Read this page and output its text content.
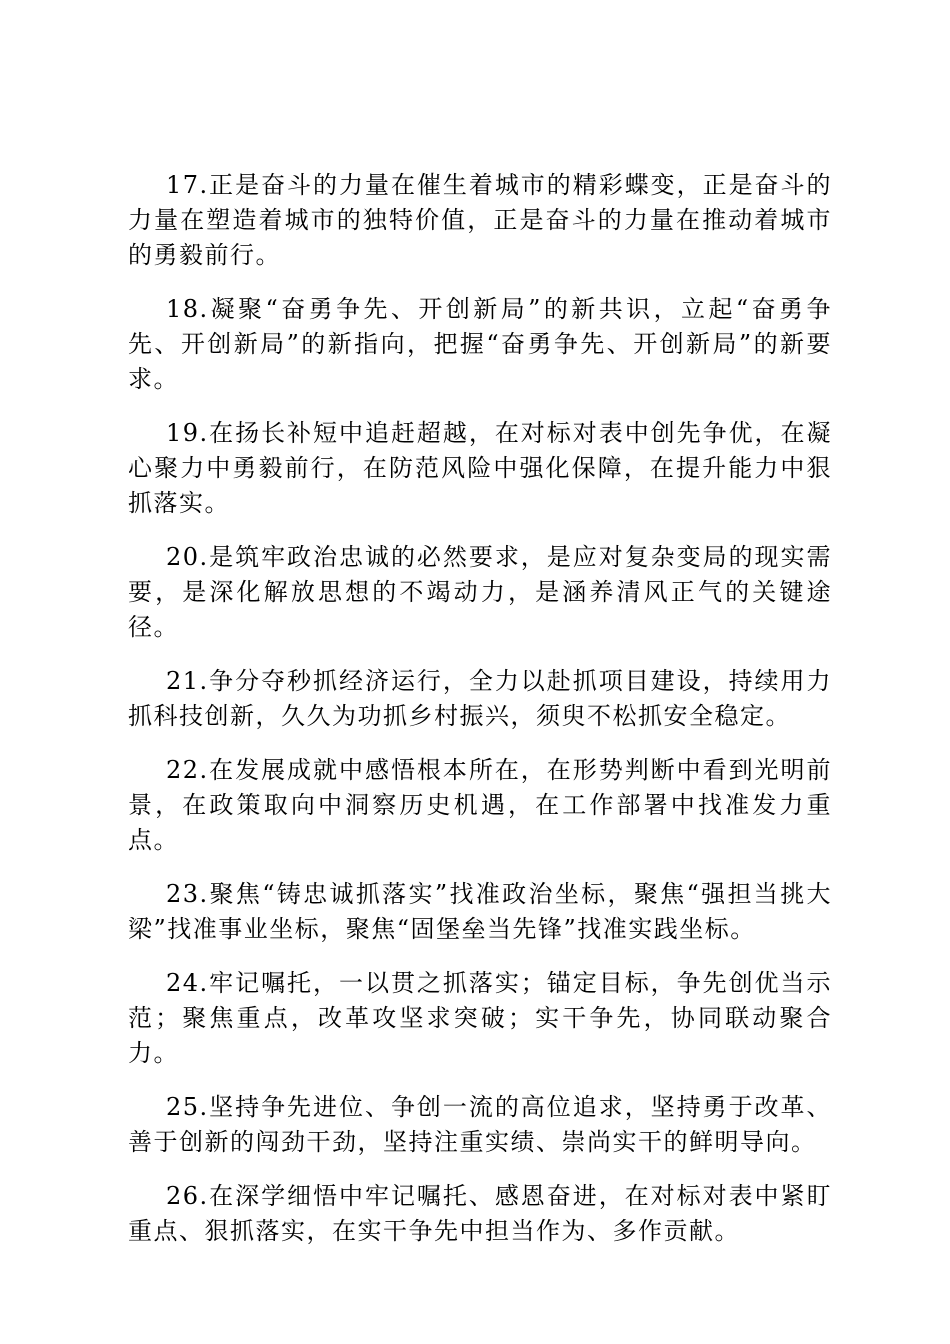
17.正是奋斗的力量在催生着城市的精彩蝶变，正是奋斗的力量在塑造着城市的独特价值，正是奋斗的力量在推动着城市的勇毅前行。

18.凝聚“奋勇争先、开创新局”的新共识，立起“奋勇争先、开创新局”的新指向，把握“奋勇争先、开创新局”的新要求。

19.在扬长补短中追赶超越，在对标对表中创先争优，在凝心聚力中勇毅前行，在防范风险中强化保障，在提升能力中狠抓落实。

20.是筑牢政治忠诚的必然要求，是应对复杂变局的现实需要，是深化解放思想的不竭动力，是涵养清风正气的关键途径。

21.争分夺秒抓经济运行，全力以赴抓项目建设，持续用力抓科技创新，久久为功抓乡村振兴，须臾不松抓安全稳定。

22.在发展成就中感悟根本所在，在形势判断中看到光明前景，在政策取向中洞察历史机遇，在工作部署中找准发力重点。

23.聚焦“铸忠诚抓落实”找准政治坐标，聚焦“强担当挑大梁”找准事业坐标，聚焦“固堡垒当先锋”找准实践坐标。

24.牢记嘱托，一以贯之抓落实；锚定目标，争先创优当示范；聚焦重点，改革攻坚求突破；实干争先，协同联动聚合力。

25.坚持争先进位、争创一流的高位追求，坚持勇于改革、善于创新的闯劲干劲，坚持注重实绩、崇尚实干的鲜明导向。

26.在深学细悟中牢记嘱托、感恩奋进，在对标对表中紧盯重点、狠抓落实，在实干争先中担当作为、多作贡献。
